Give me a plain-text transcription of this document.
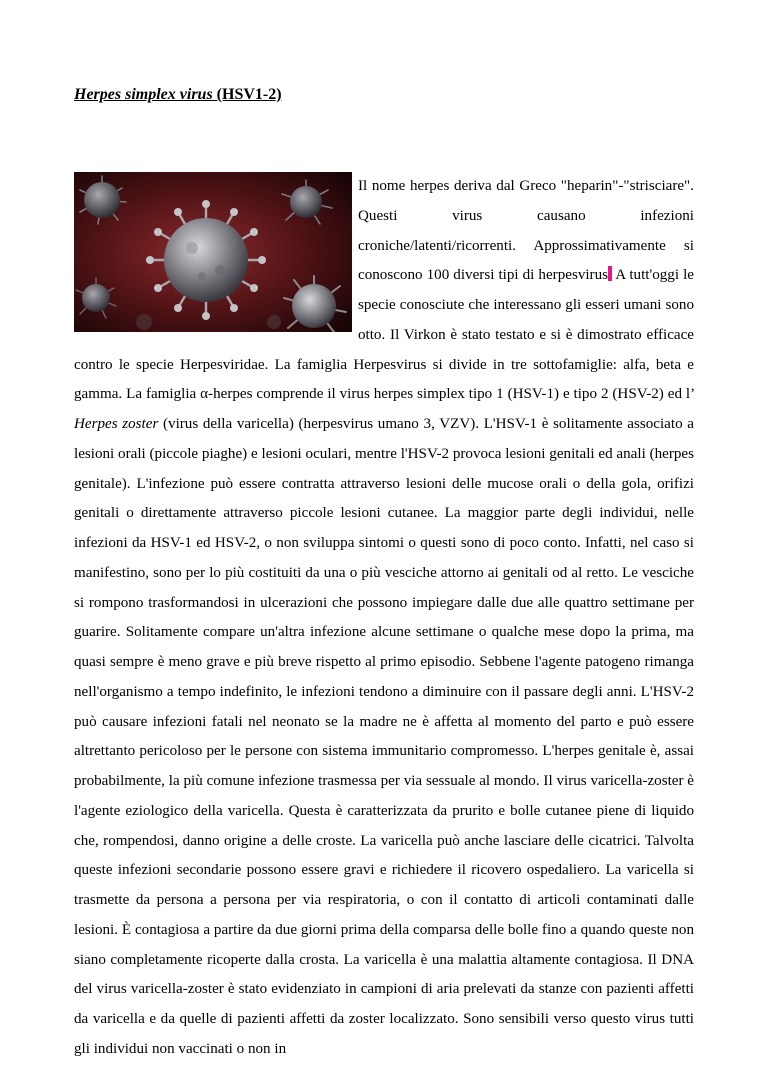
Herpes simplex virus (HSV1-2)
Il nome herpes deriva dal Greco "heparin"-"strisciare". Questi virus causano infezioni croniche/latenti/ricorrenti. Approssimativamente si conoscono 100 diversi tipi di herpesvirus A tutt'oggi le specie conosciute che interessano gli esseri umani sono otto. Il Virkon è stato testato e si è dimostrato efficace contro le specie Herpesviridae. La famiglia Herpesvirus si divide in tre sottofamiglie: alfa, beta e gamma. La famiglia α-herpes comprende il virus herpes simplex tipo 1 (HSV-1) e tipo 2 (HSV-2) ed l’ Herpes zoster (virus della varicella) (herpesvirus umano 3, VZV). L'HSV-1 è solitamente associato a lesioni orali (piccole piaghe) e lesioni oculari, mentre l'HSV-2 provoca lesioni genitali ed anali (herpes genitale). L'infezione può essere contratta attraverso lesioni delle mucose orali o della gola, orifizi genitali o direttamente attraverso piccole lesioni cutanee. La maggior parte degli individui, nelle infezioni da HSV-1 ed HSV-2, o non sviluppa sintomi o questi sono di poco conto. Infatti, nel caso si manifestino, sono per lo più costituiti da una o più vesciche attorno ai genitali od al retto. Le vesciche si rompono trasformandosi in ulcerazioni che possono impiegare dalle due alle quattro settimane per guarire. Solitamente compare un'altra infezione alcune settimane o qualche mese dopo la prima, ma quasi sempre è meno grave e più breve rispetto al primo episodio. Sebbene l'agente patogeno rimanga nell'organismo a tempo indefinito, le infezioni tendono a diminuire con il passare degli anni. L'HSV-2 può causare infezioni fatali nel neonato se la madre ne è affetta al momento del parto e può essere altrettanto pericoloso per le persone con sistema immunitario compromesso. L'herpes genitale è, assai probabilmente, la più comune infezione trasmessa per via sessuale al mondo. Il virus varicella-zoster è l'agente eziologico della varicella. Questa è caratterizzata da prurito e bolle cutanee piene di liquido che, rompendosi, danno origine a delle croste. La varicella può anche lasciare delle cicatrici. Talvolta queste infezioni secondarie possono essere gravi e richiedere il ricovero ospedaliero. La varicella si trasmette da persona a persona per via respiratoria, o con il contatto di articoli contaminati dalle lesioni. È contagiosa a partire da due giorni prima della comparsa delle bolle fino a quando queste non siano completamente ricoperte dalla crosta. La varicella è una malattia altamente contagiosa. Il DNA del virus varicella-zoster è stato evidenziato in campioni di aria prelevati da stanze con pazienti affetti da varicella e da quelle di pazienti affetti da zoster localizzato. Sono sensibili verso questo virus tutti gli individui non vaccinati o non in
